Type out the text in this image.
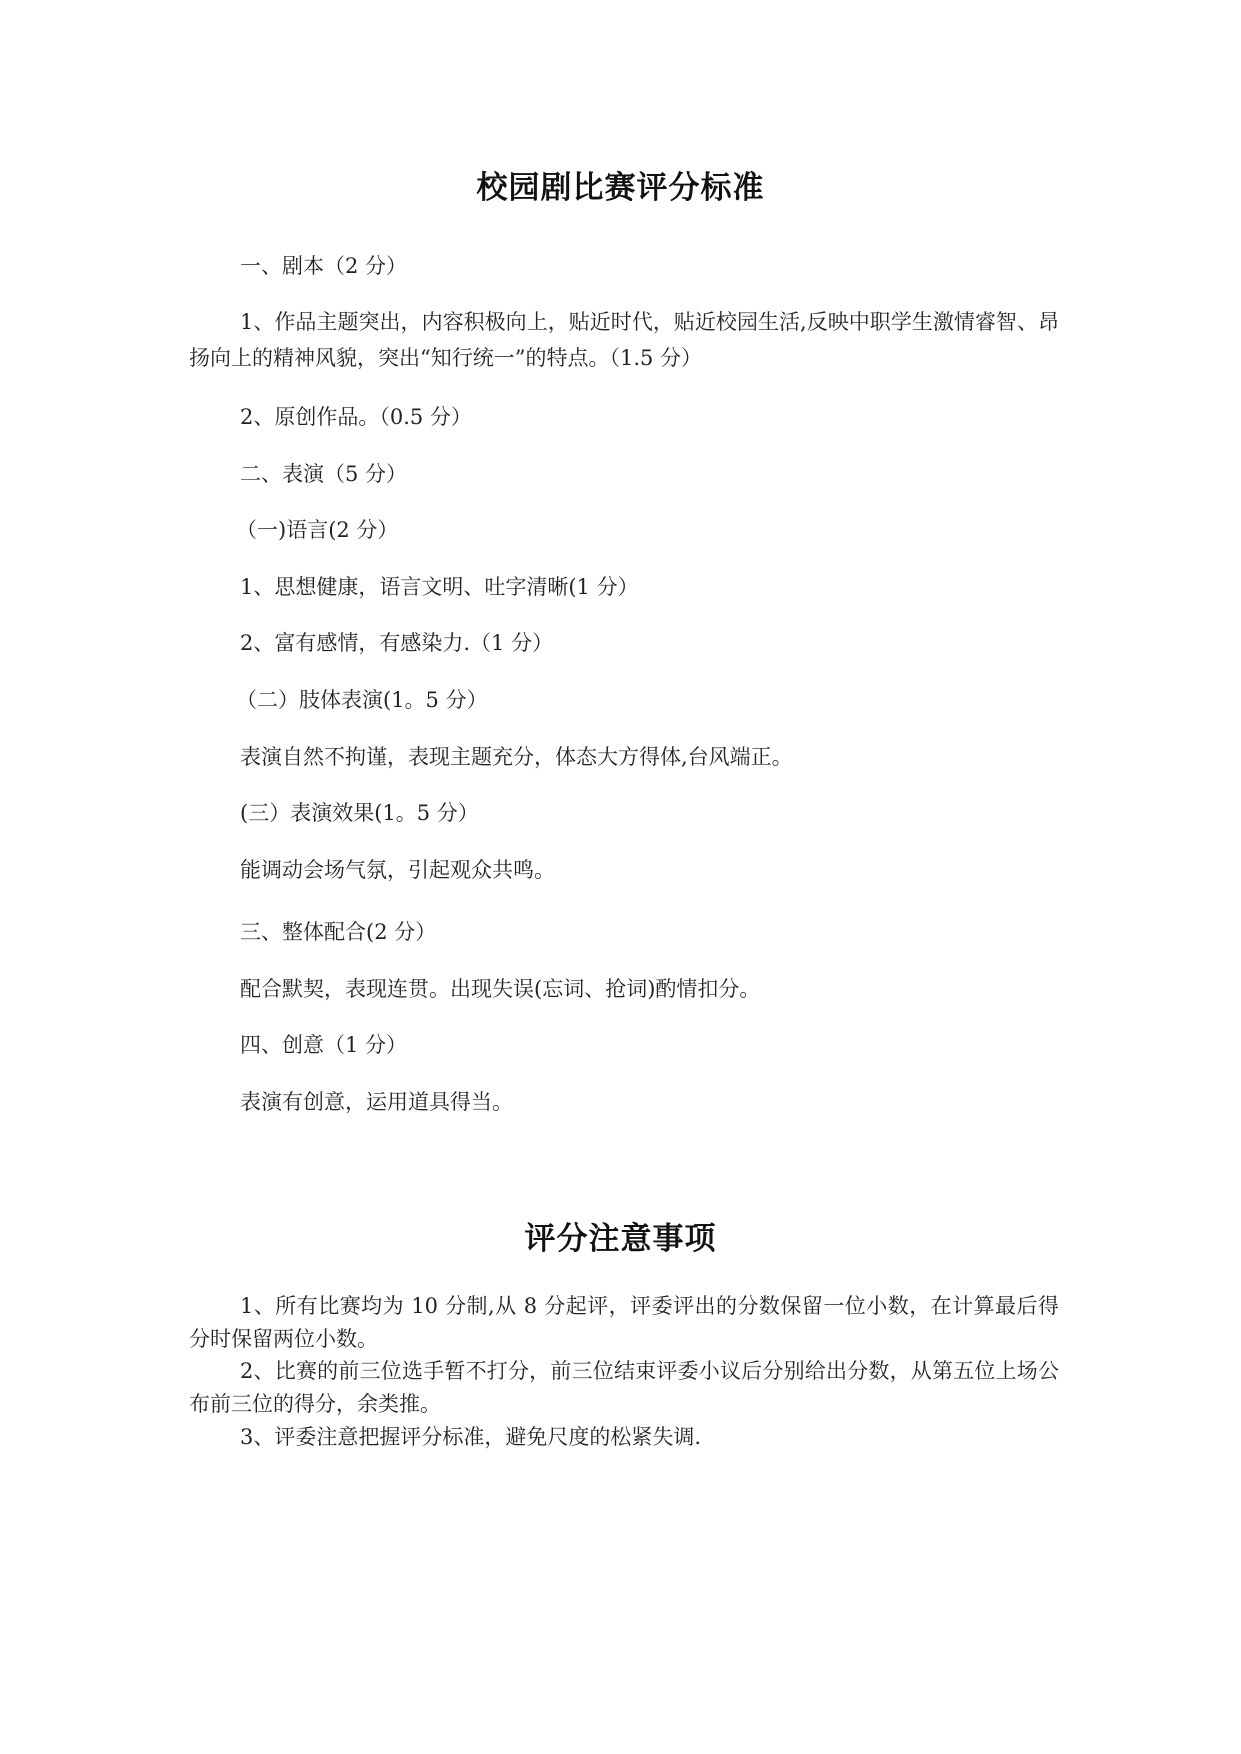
校园剧比赛评分标准
一、剧本（2 分）
1、作品主题突出，内容积极向上，贴近时代，贴近校园生活,反映中职学生激情睿智、昂扬向上的精神风貌，突出“知行统一”的特点。（1.5 分）
2、原创作品。（0.5 分）
二、表演（5 分）
（一)语言(2 分）
1、思想健康，语言文明、吐字清晰(1 分）
2、富有感情，有感染力.（1 分）
（二）肢体表演(1。5 分）
表演自然不拘谨，表现主题充分，体态大方得体,台风端正。
(三）表演效果(1。5 分）
能调动会场气氛，引起观众共鸣。
三、整体配合(2 分）
配合默契，表现连贯。出现失误(忘词、抢词)酌情扣分。
四、创意（1 分）
表演有创意，运用道具得当。
评分注意事项
1、所有比赛均为 10 分制,从 8 分起评，评委评出的分数保留一位小数，在计算最后得分时保留两位小数。
2、比赛的前三位选手暂不打分，前三位结束评委小议后分别给出分数，从第五位上场公布前三位的得分，余类推。
3、评委注意把握评分标准，避免尺度的松紧失调.
